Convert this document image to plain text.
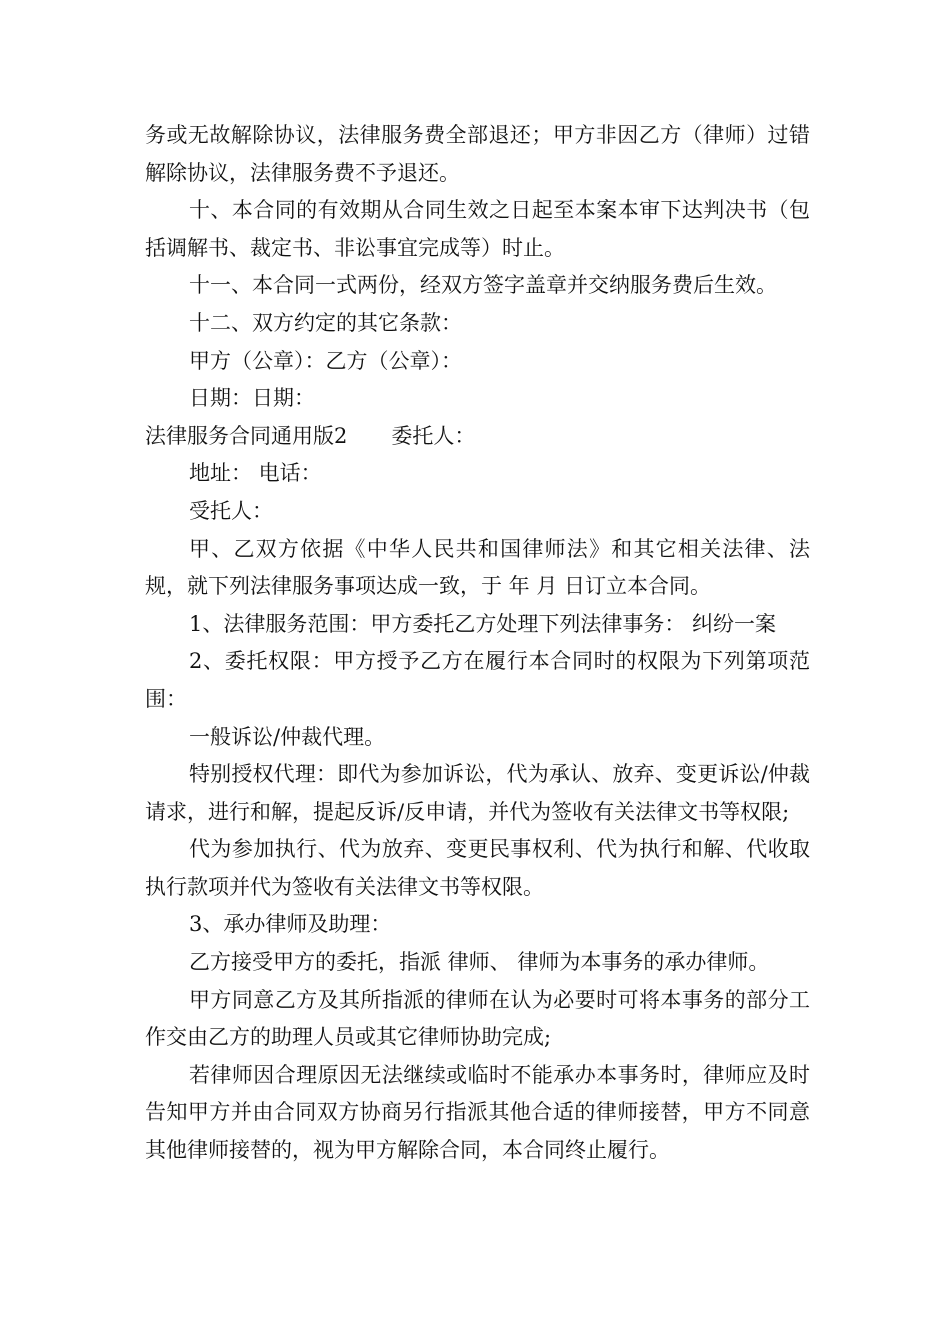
务或无故解除协议，法律服务费全部退还；甲方非因乙方（律师）过错解除协议，法律服务费不予退还。

十、本合同的有效期从合同生效之日起至本案本审下达判决书（包括调解书、裁定书、非讼事宜完成等）时止。

十一、本合同一式两份，经双方签字盖章并交纳服务费后生效。

十二、双方约定的其它条款：

甲方（公章）：乙方（公章）：

日期：日期：

法律服务合同通用版2 委托人：

地址： 电话：

受托人：

甲、乙双方依据《中华人民共和国律师法》和其它相关法律、法规，就下列法律服务事项达成一致，于 年 月 日订立本合同。

1、法律服务范围：甲方委托乙方处理下列法律事务： 纠纷一案

2、委托权限：甲方授予乙方在履行本合同时的权限为下列第项范围：

一般诉讼/仲裁代理。

特别授权代理：即代为参加诉讼，代为承认、放弃、变更诉讼/仲裁请求，进行和解，提起反诉/反申请，并代为签收有关法律文书等权限;

代为参加执行、代为放弃、变更民事权利、代为执行和解、代收取执行款项并代为签收有关法律文书等权限。

3、承办律师及助理：

乙方接受甲方的委托，指派 律师、 律师为本事务的承办律师。

甲方同意乙方及其所指派的律师在认为必要时可将本事务的部分工作交由乙方的助理人员或其它律师协助完成;

若律师因合理原因无法继续或临时不能承办本事务时，律师应及时告知甲方并由合同双方协商另行指派其他合适的律师接替，甲方不同意其他律师接替的，视为甲方解除合同，本合同终止履行。
